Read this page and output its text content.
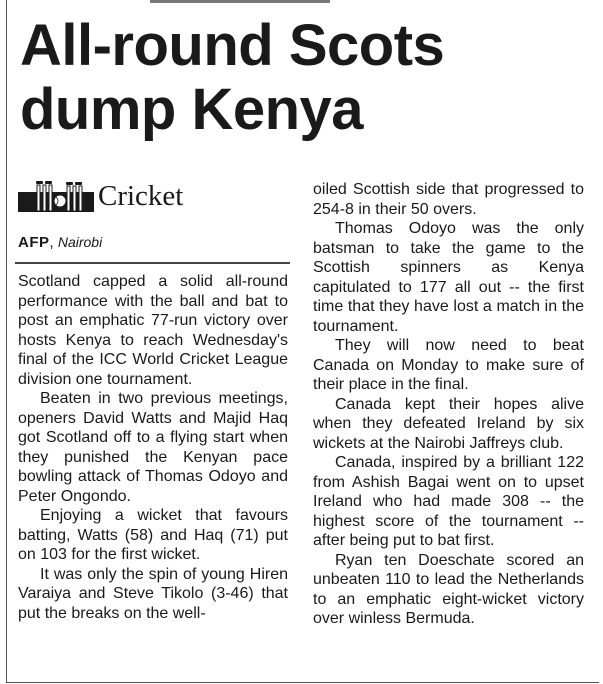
All-round Scots
dump Kenya
Cricket
AFP, Nairobi

Scotland capped a solid all-round performance with the ball and bat to post an emphatic 77-run victory over hosts Kenya to reach Wednesday's final of the ICC World Cricket League division one tournament.

Beaten in two previous meetings, openers David Watts and Majid Haq got Scotland off to a flying start when they punished the Kenyan pace bowling attack of Thomas Odoyo and Peter Ongondo.

Enjoying a wicket that favours batting, Watts (58) and Haq (71) put on 103 for the first wicket.

It was only the spin of young Hiren Varaiya and Steve Tikolo (3-46) that put the breaks on the well-

oiled Scottish side that progressed to 254-8 in their 50 overs.

Thomas Odoyo was the only batsman to take the game to the Scottish spinners as Kenya capitulated to 177 all out -- the first time that they have lost a match in the tournament.

They will now need to beat Canada on Monday to make sure of their place in the final.

Canada kept their hopes alive when they defeated Ireland by six wickets at the Nairobi Jaffreys club.

Canada, inspired by a brilliant 122 from Ashish Bagai went on to upset Ireland who had made 308 -- the highest score of the tournament -- after being put to bat first.

Ryan ten Doeschate scored an unbeaten 110 to lead the Netherlands to an emphatic eight-wicket victory over winless Bermuda.
